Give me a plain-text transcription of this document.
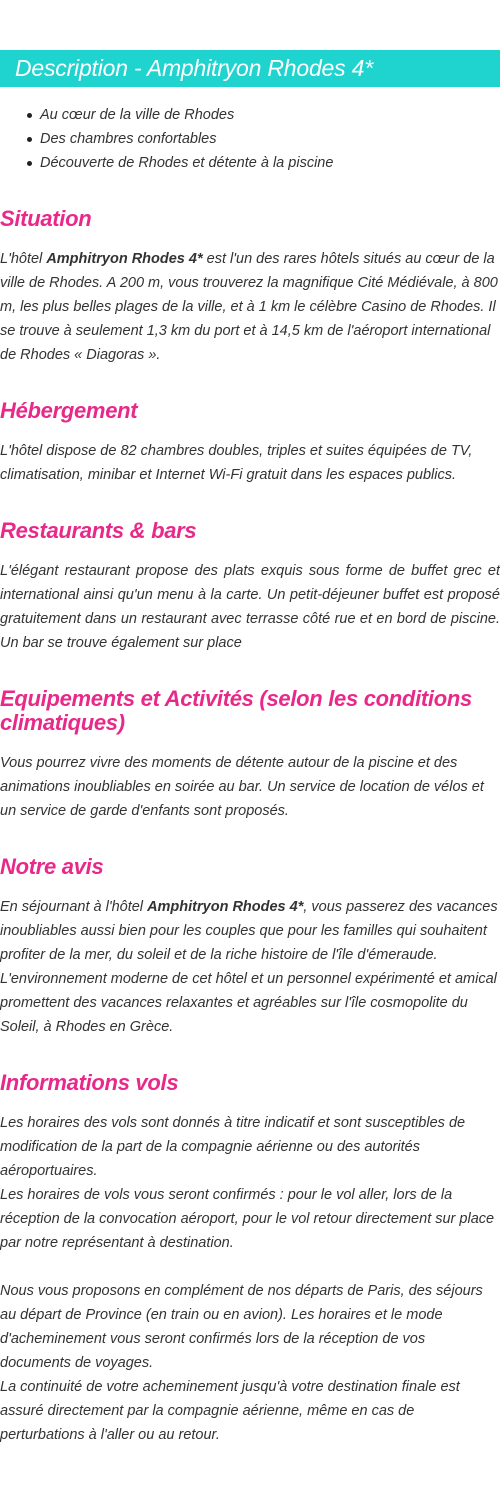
Description - Amphitryon Rhodes 4*
Au cœur de la ville de Rhodes
Des chambres confortables
Découverte de Rhodes et détente à la piscine
Situation

L'hôtel Amphitryon Rhodes 4* est l'un des rares hôtels situés au cœur de la ville de Rhodes. A 200 m, vous trouverez la magnifique Cité Médiévale, à 800 m, les plus belles plages de la ville, et à 1 km le célèbre Casino de Rhodes. Il se trouve à seulement 1,3 km du port et à 14,5 km de l'aéroport international de Rhodes « Diagoras ».

Hébergement

L'hôtel dispose de 82 chambres doubles, triples et suites équipées de TV, climatisation, minibar et Internet Wi-Fi gratuit dans les espaces publics.

Restaurants & bars

L'élégant restaurant propose des plats exquis sous forme de buffet grec et international ainsi qu'un menu à la carte. Un petit-déjeuner buffet est proposé gratuitement dans un restaurant avec terrasse côté rue et en bord de piscine. Un bar se trouve également sur place

Equipements et Activités (selon les conditions climatiques)

Vous pourrez vivre des moments de détente autour de la piscine et des animations inoubliables en soirée au bar. Un service de location de vélos et un service de garde d'enfants sont proposés.

Notre avis

En séjournant à l'hôtel Amphitryon Rhodes 4*, vous passerez des vacances inoubliables aussi bien pour les couples que pour les familles qui souhaitent profiter de la mer, du soleil et de la riche histoire de l'île d'émeraude. L'environnement moderne de cet hôtel et un personnel expérimenté et amical promettent des vacances relaxantes et agréables sur l'île cosmopolite du Soleil, à Rhodes en Grèce.

Informations vols

Les horaires des vols sont donnés à titre indicatif et sont susceptibles de modification de la part de la compagnie aérienne ou des autorités aéroportuaires.

Les horaires de vols vous seront confirmés : pour le vol aller, lors de la réception de la convocation aéroport, pour le vol retour directement sur place par notre représentant à destination.

Nous vous proposons en complément de nos départs de Paris, des séjours au départ de Province (en train ou en avion). Les horaires et le mode d'acheminement vous seront confirmés lors de la réception de vos documents de voyages.

La continuité de votre acheminement jusqu'à votre destination finale est assuré directement par la compagnie aérienne, même en cas de perturbations à l'aller ou au retour.
